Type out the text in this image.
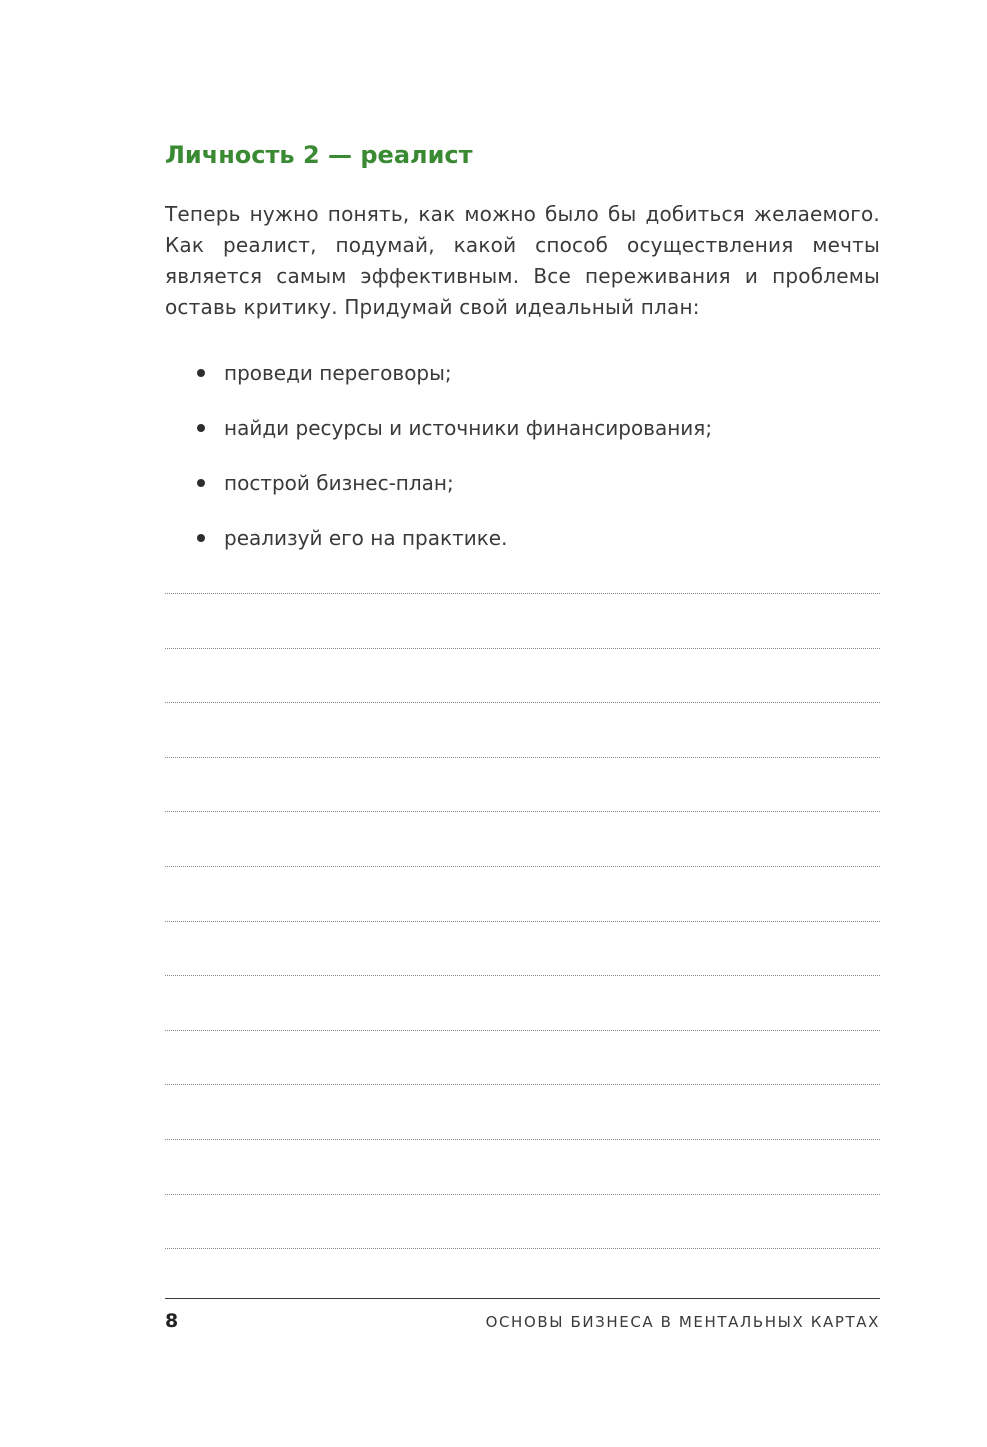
Личность 2 — реалист

Теперь нужно понять, как можно было бы добиться желаемого. Как реалист, подумай, какой способ осуществления мечты является самым эффективным. Все переживания и проблемы оставь критику. Придумай свой идеальный план:

проведи переговоры;
найди ресурсы и источники финансирования;
построй бизнес-план;
реализуй его на практике.
8	ОСНОВЫ БИЗНЕСА В МЕНТАЛЬНЫХ КАРТАХ
